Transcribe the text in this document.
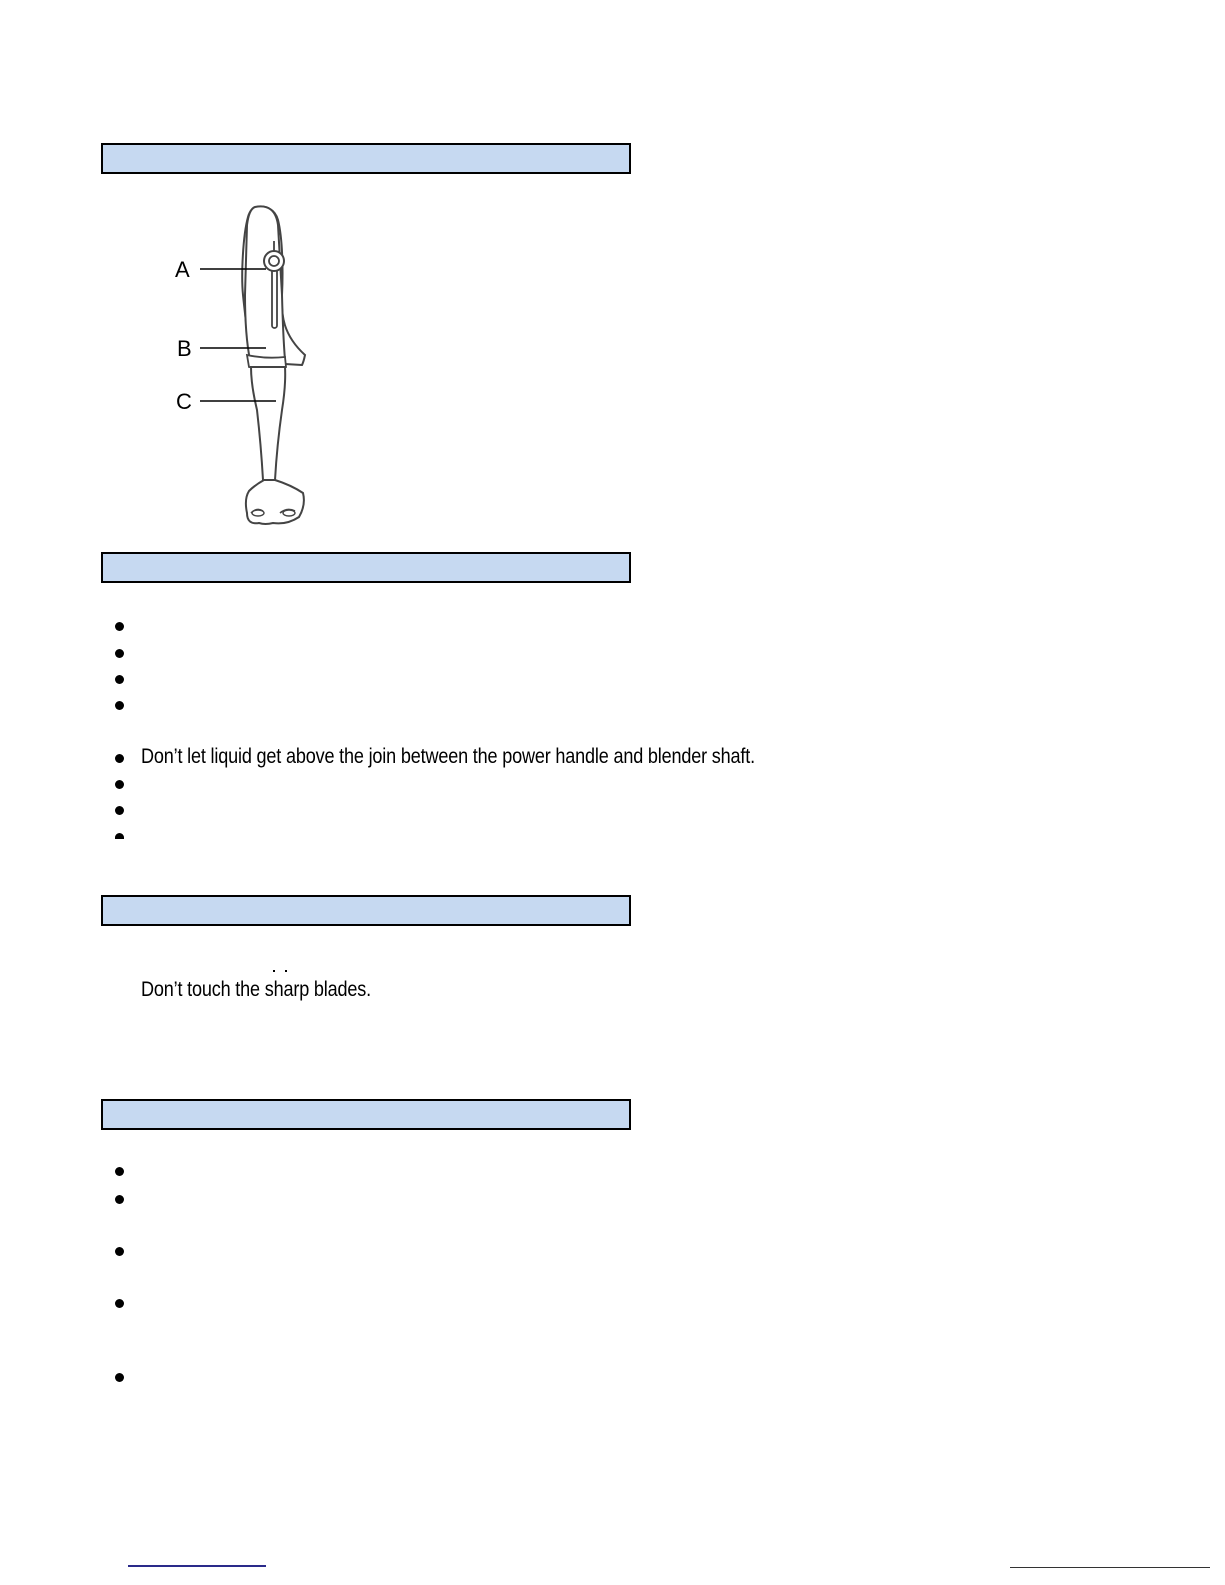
A
B
C
Don’t let liquid get above the join between the power handle and blender shaft.
Don’t touch the sharp blades.
